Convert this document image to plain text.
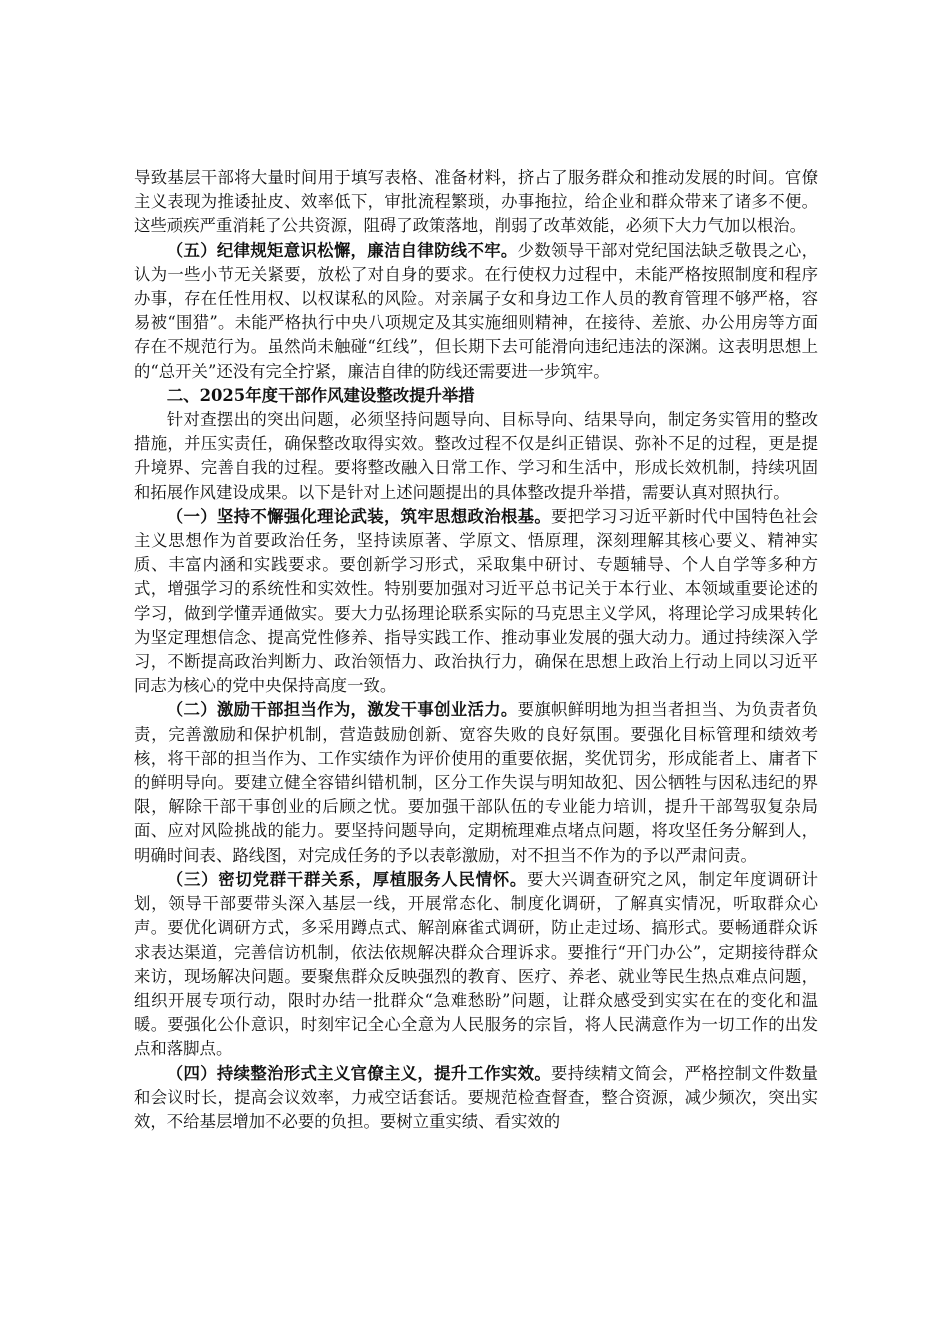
导致基层干部将大量时间用于填写表格、准备材料，挤占了服务群众和推动发展的时间。官僚主义表现为推诿扯皮、效率低下，审批流程繁琐，办事拖拉，给企业和群众带来了诸多不便。这些顽疾严重消耗了公共资源，阻碍了政策落地，削弱了改革效能，必须下大力气加以根治。

（五）纪律规矩意识松懈，廉洁自律防线不牢。少数领导干部对党纪国法缺乏敬畏之心，认为一些小节无关紧要，放松了对自身的要求。在行使权力过程中，未能严格按照制度和程序办事，存在任性用权、以权谋私的风险。对亲属子女和身边工作人员的教育管理不够严格，容易被“围猎”。未能严格执行中央八项规定及其实施细则精神，在接待、差旅、办公用房等方面存在不规范行为。虽然尚未触碰“红线”，但长期下去可能滑向违纪违法的深渊。这表明思想上的“总开关”还没有完全拧紧，廉洁自律的防线还需要进一步筑牢。

二、2025年度干部作风建设整改提升举措

针对查摆出的突出问题，必须坚持问题导向、目标导向、结果导向，制定务实管用的整改措施，并压实责任，确保整改取得实效。整改过程不仅是纠正错误、弥补不足的过程，更是提升境界、完善自我的过程。要将整改融入日常工作、学习和生活中，形成长效机制，持续巩固和拓展作风建设成果。以下是针对上述问题提出的具体整改提升举措，需要认真对照执行。

（一）坚持不懈强化理论武装，筑牢思想政治根基。要把学习习近平新时代中国特色社会主义思想作为首要政治任务，坚持读原著、学原文、悟原理，深刻理解其核心要义、精神实质、丰富内涵和实践要求。要创新学习形式，采取集中研讨、专题辅导、个人自学等多种方式，增强学习的系统性和实效性。特别要加强对习近平总书记关于本行业、本领域重要论述的学习，做到学懂弄通做实。要大力弘扬理论联系实际的马克思主义学风，将理论学习成果转化为坚定理想信念、提高党性修养、指导实践工作、推动事业发展的强大动力。通过持续深入学习，不断提高政治判断力、政治领悟力、政治执行力，确保在思想上政治上行动上同以习近平同志为核心的党中央保持高度一致。

（二）激励干部担当作为，激发干事创业活力。要旗帜鲜明地为担当者担当、为负责者负责，完善激励和保护机制，营造鼓励创新、宽容失败的良好氛围。要强化目标管理和绩效考核，将干部的担当作为、工作实绩作为评价使用的重要依据，奖优罚劣，形成能者上、庸者下的鲜明导向。要建立健全容错纠错机制，区分工作失误与明知故犯、因公牺牲与因私违纪的界限，解除干部干事创业的后顾之忧。要加强干部队伍的专业能力培训，提升干部驾驭复杂局面、应对风险挑战的能力。要坚持问题导向，定期梳理难点堵点问题，将攻坚任务分解到人，明确时间表、路线图，对完成任务的予以表彰激励，对不担当不作为的予以严肃问责。

（三）密切党群干群关系，厚植服务人民情怀。要大兴调查研究之风，制定年度调研计划，领导干部要带头深入基层一线，开展常态化、制度化调研，了解真实情况，听取群众心声。要优化调研方式，多采用蹲点式、解剖麻雀式调研，防止走过场、搞形式。要畅通群众诉求表达渠道，完善信访机制，依法依规解决群众合理诉求。要推行“开门办公”，定期接待群众来访，现场解决问题。要聚焦群众反映强烈的教育、医疗、养老、就业等民生热点难点问题，组织开展专项行动，限时办结一批群众“急难愁盼”问题，让群众感受到实实在在的变化和温暖。要强化公仆意识，时刻牢记全心全意为人民服务的宗旨，将人民满意作为一切工作的出发点和落脚点。

（四）持续整治形式主义官僚主义，提升工作实效。要持续精文简会，严格控制文件数量和会议时长，提高会议效率，力戒空话套话。要规范检查督查，整合资源，减少频次，突出实效，不给基层增加不必要的负担。要树立重实绩、看实效的
